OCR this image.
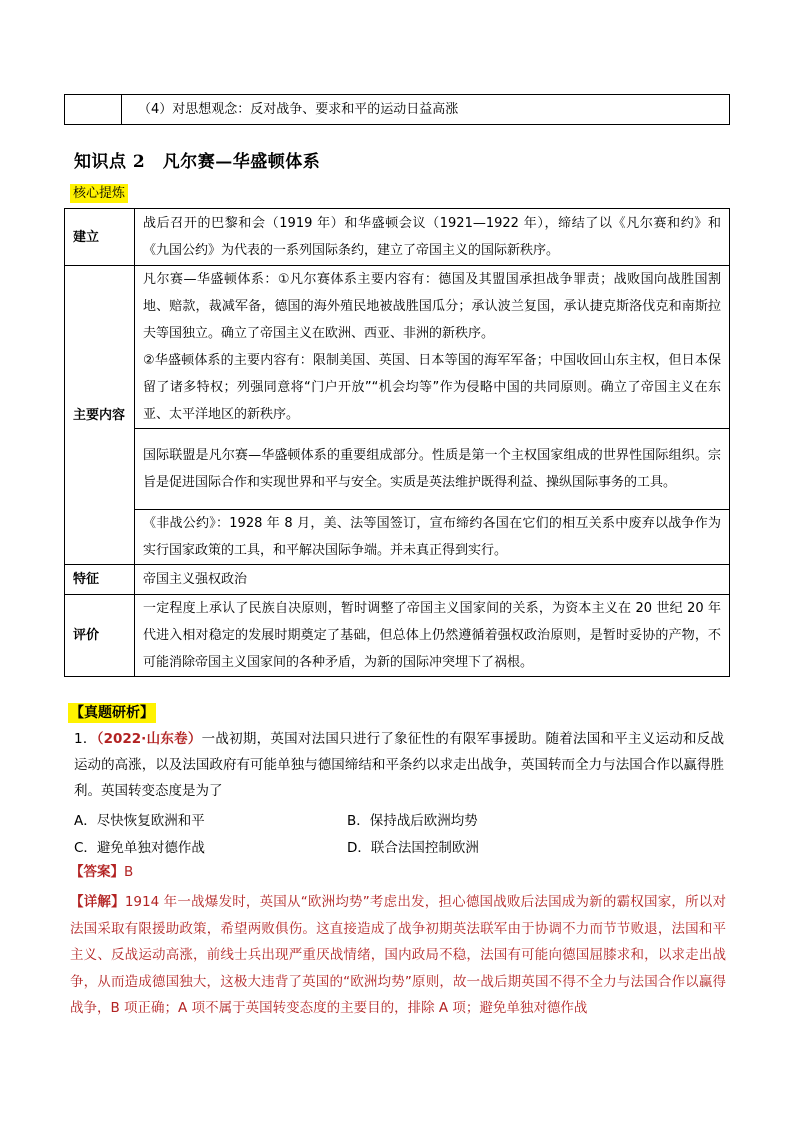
	（4）对思想观念：反对战争、要求和平的运动日益高涨
知识点 2　凡尔赛—华盛顿体系
核心提炼
建立	战后召开的巴黎和会（1919 年）和华盛顿会议（1921—1922 年），缔结了以《凡尔赛和约》和《九国公约》为代表的一系列国际条约，建立了帝国主义的国际新秩序。
主要内容	凡尔赛—华盛顿体系：①凡尔赛体系主要内容有：德国及其盟国承担战争罪责；战败国向战胜国割地、赔款，裁减军备，德国的海外殖民地被战胜国瓜分；承认波兰复国，承认捷克斯洛伐克和南斯拉夫等国独立。确立了帝国主义在欧洲、西亚、非洲的新秩序。

②华盛顿体系的主要内容有：限制美国、英国、日本等国的海军军备；中国收回山东主权，但日本保留了诸多特权；列强同意将“门户开放”“机会均等”作为侵略中国的共同原则。确立了帝国主义在东亚、太平洋地区的新秩序。

	国际联盟是凡尔赛—华盛顿体系的重要组成部分。性质是第一个主权国家组成的世界性国际组织。宗旨是促进国际合作和实现世界和平与安全。实质是英法维护既得利益、操纵国际事务的工具。
	《非战公约》：1928 年 8 月，美、法等国签订，宣布缔约各国在它们的相互关系中废弃以战争作为实行国家政策的工具，和平解决国际争端。并未真正得到实行。
特征	帝国主义强权政治
评价	一定程度上承认了民族自决原则，暂时调整了帝国主义国家间的关系，为资本主义在 20 世纪 20 年代进入相对稳定的发展时期奠定了基础，但总体上仍然遵循着强权政治原则，是暂时妥协的产物，不可能消除帝国主义国家间的各种矛盾，为新的国际冲突埋下了祸根。
【真题研析】
1．（2022·山东卷）一战初期，英国对法国只进行了象征性的有限军事援助。随着法国和平主义运动和反战运动的高涨，以及法国政府有可能单独与德国缔结和平条约以求走出战争，英国转而全力与法国合作以赢得胜利。英国转变态度是为了
A．尽快恢复欧洲和平	B．保持战后欧洲均势
C．避免单独对德作战	D．联合法国控制欧洲
【答案】B
【详解】1914 年一战爆发时，英国从“欧洲均势”考虑出发，担心德国战败后法国成为新的霸权国家，所以对法国采取有限援助政策，希望两败俱伤。这直接造成了战争初期英法联军由于协调不力而节节败退，法国和平主义、反战运动高涨，前线士兵出现严重厌战情绪，国内政局不稳，法国有可能向德国屈膝求和，以求走出战争，从而造成德国独大，这极大违背了英国的“欧洲均势”原则，故一战后期英国不得不全力与法国合作以赢得战争，B 项正确；A 项不属于英国转变态度的主要目的，排除 A 项；避免单独对德作战
